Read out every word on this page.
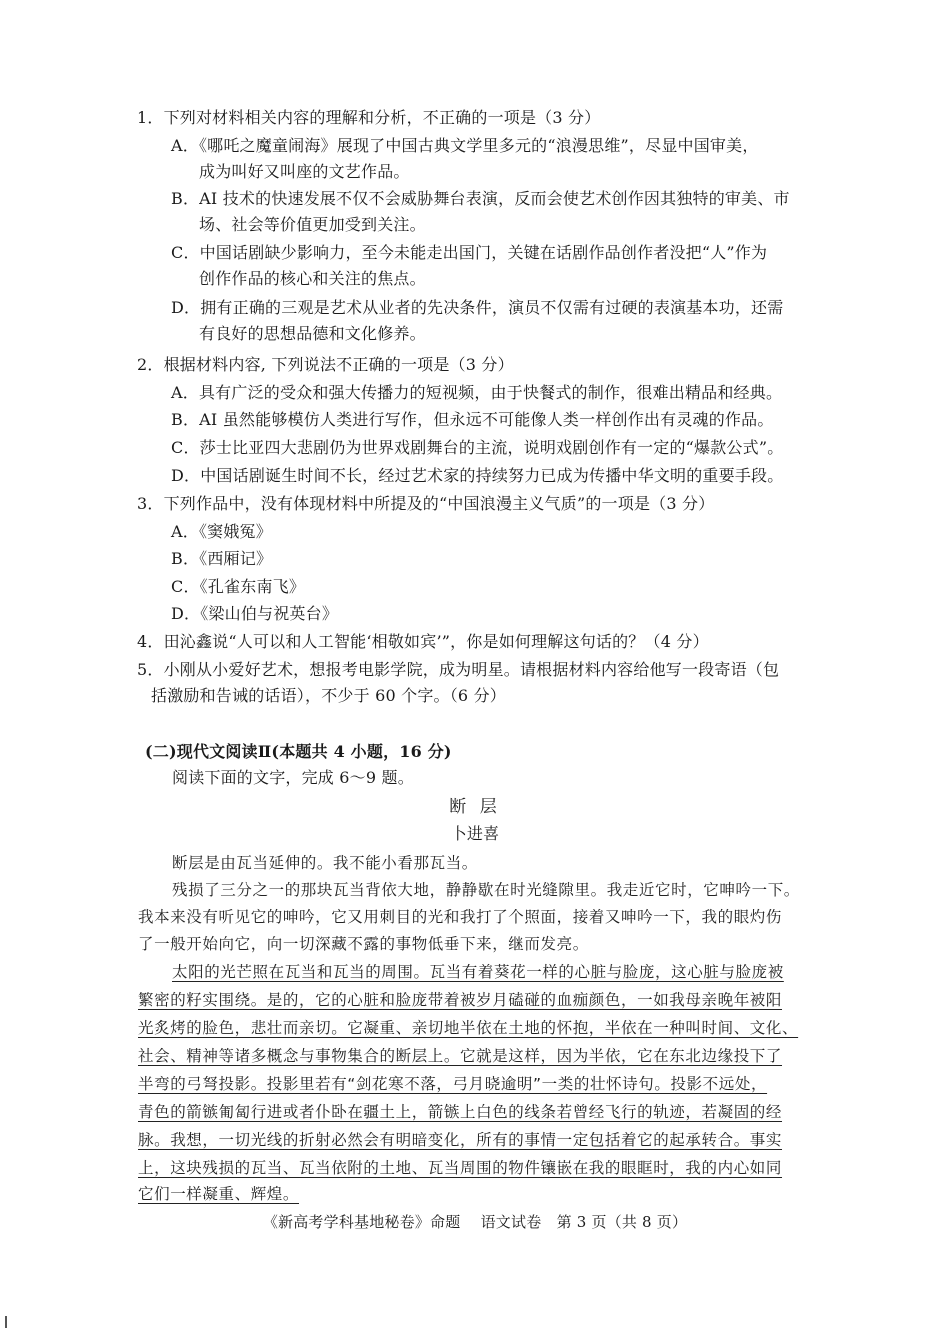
1．下列对材料相关内容的理解和分析，不正确的一项是（3 分）
A．《哪吒之魔童闹海》展现了中国古典文学里多元的“浪漫思维”，尽显中国审美，
成为叫好又叫座的文艺作品。
B．AI 技术的快速发展不仅不会威胁舞台表演，反而会使艺术创作因其独特的审美、市
场、社会等价值更加受到关注。
C．中国话剧缺少影响力，至今未能走出国门，关键在话剧作品创作者没把“人”作为
创作作品的核心和关注的焦点。
D．拥有正确的三观是艺术从业者的先决条件，演员不仅需有过硬的表演基本功，还需
有良好的思想品德和文化修养。
2．根据材料内容, 下列说法不正确的一项是（3 分）
A．具有广泛的受众和强大传播力的短视频，由于快餐式的制作，很难出精品和经典。
B．AI 虽然能够模仿人类进行写作，但永远不可能像人类一样创作出有灵魂的作品。
C．莎士比亚四大悲剧仍为世界戏剧舞台的主流，说明戏剧创作有一定的“爆款公式”。
D．中国话剧诞生时间不长，经过艺术家的持续努力已成为传播中华文明的重要手段。
3．下列作品中，没有体现材料中所提及的“中国浪漫主义气质”的一项是（3 分）
A．《窦娥冤》
B．《西厢记》
C．《孔雀东南飞》
D．《梁山伯与祝英台》
4．田沁鑫说“人可以和人工智能‘相敬如宾’”，你是如何理解这句话的？（4 分）
5．小刚从小爱好艺术，想报考电影学院，成为明星。请根据材料内容给他写一段寄语（包
括激励和告诫的话语），不少于 60 个字。（6 分）
(二)现代文阅读Ⅱ(本题共 4 小题，16 分)
阅读下面的文字，完成 6～9 题。
断 层
卜进喜
断层是由瓦当延伸的。我不能小看那瓦当。
残损了三分之一的那块瓦当背依大地，静静歇在时光缝隙里。我走近它时，它呻吟一下。
我本来没有听见它的呻吟，它又用刺目的光和我打了个照面，接着又呻吟一下，我的眼灼伤
了一般开始向它，向一切深藏不露的事物低垂下来，继而发亮。
太阳的光芒照在瓦当和瓦当的周围。瓦当有着葵花一样的心脏与脸庞，这心脏与脸庞被
繁密的籽实围绕。是的，它的心脏和脸庞带着被岁月磕碰的血痂颜色，一如我母亲晚年被阳
光炙烤的脸色，悲壮而亲切。它凝重、亲切地半依在土地的怀抱，半依在一种叫时间、文化、
社会、精神等诸多概念与事物集合的断层上。它就是这样，因为半依，它在东北边缘投下了
半弯的弓弩投影。投影里若有“剑花寒不落，弓月晓逾明”一类的壮怀诗句。投影不远处，
青色的箭镞匍匐行进或者仆卧在疆土上，箭镞上白色的线条若曾经飞行的轨迹，若凝固的经
脉。我想，一切光线的折射必然会有明暗变化，所有的事情一定包括着它的起承转合。事实
上，这块残损的瓦当、瓦当依附的土地、瓦当周围的物件镶嵌在我的眼眶时，我的内心如同
它们一样凝重、辉煌。
《新高考学科基地秘卷》命题　 语文试卷　第 3 页（共 8 页）
